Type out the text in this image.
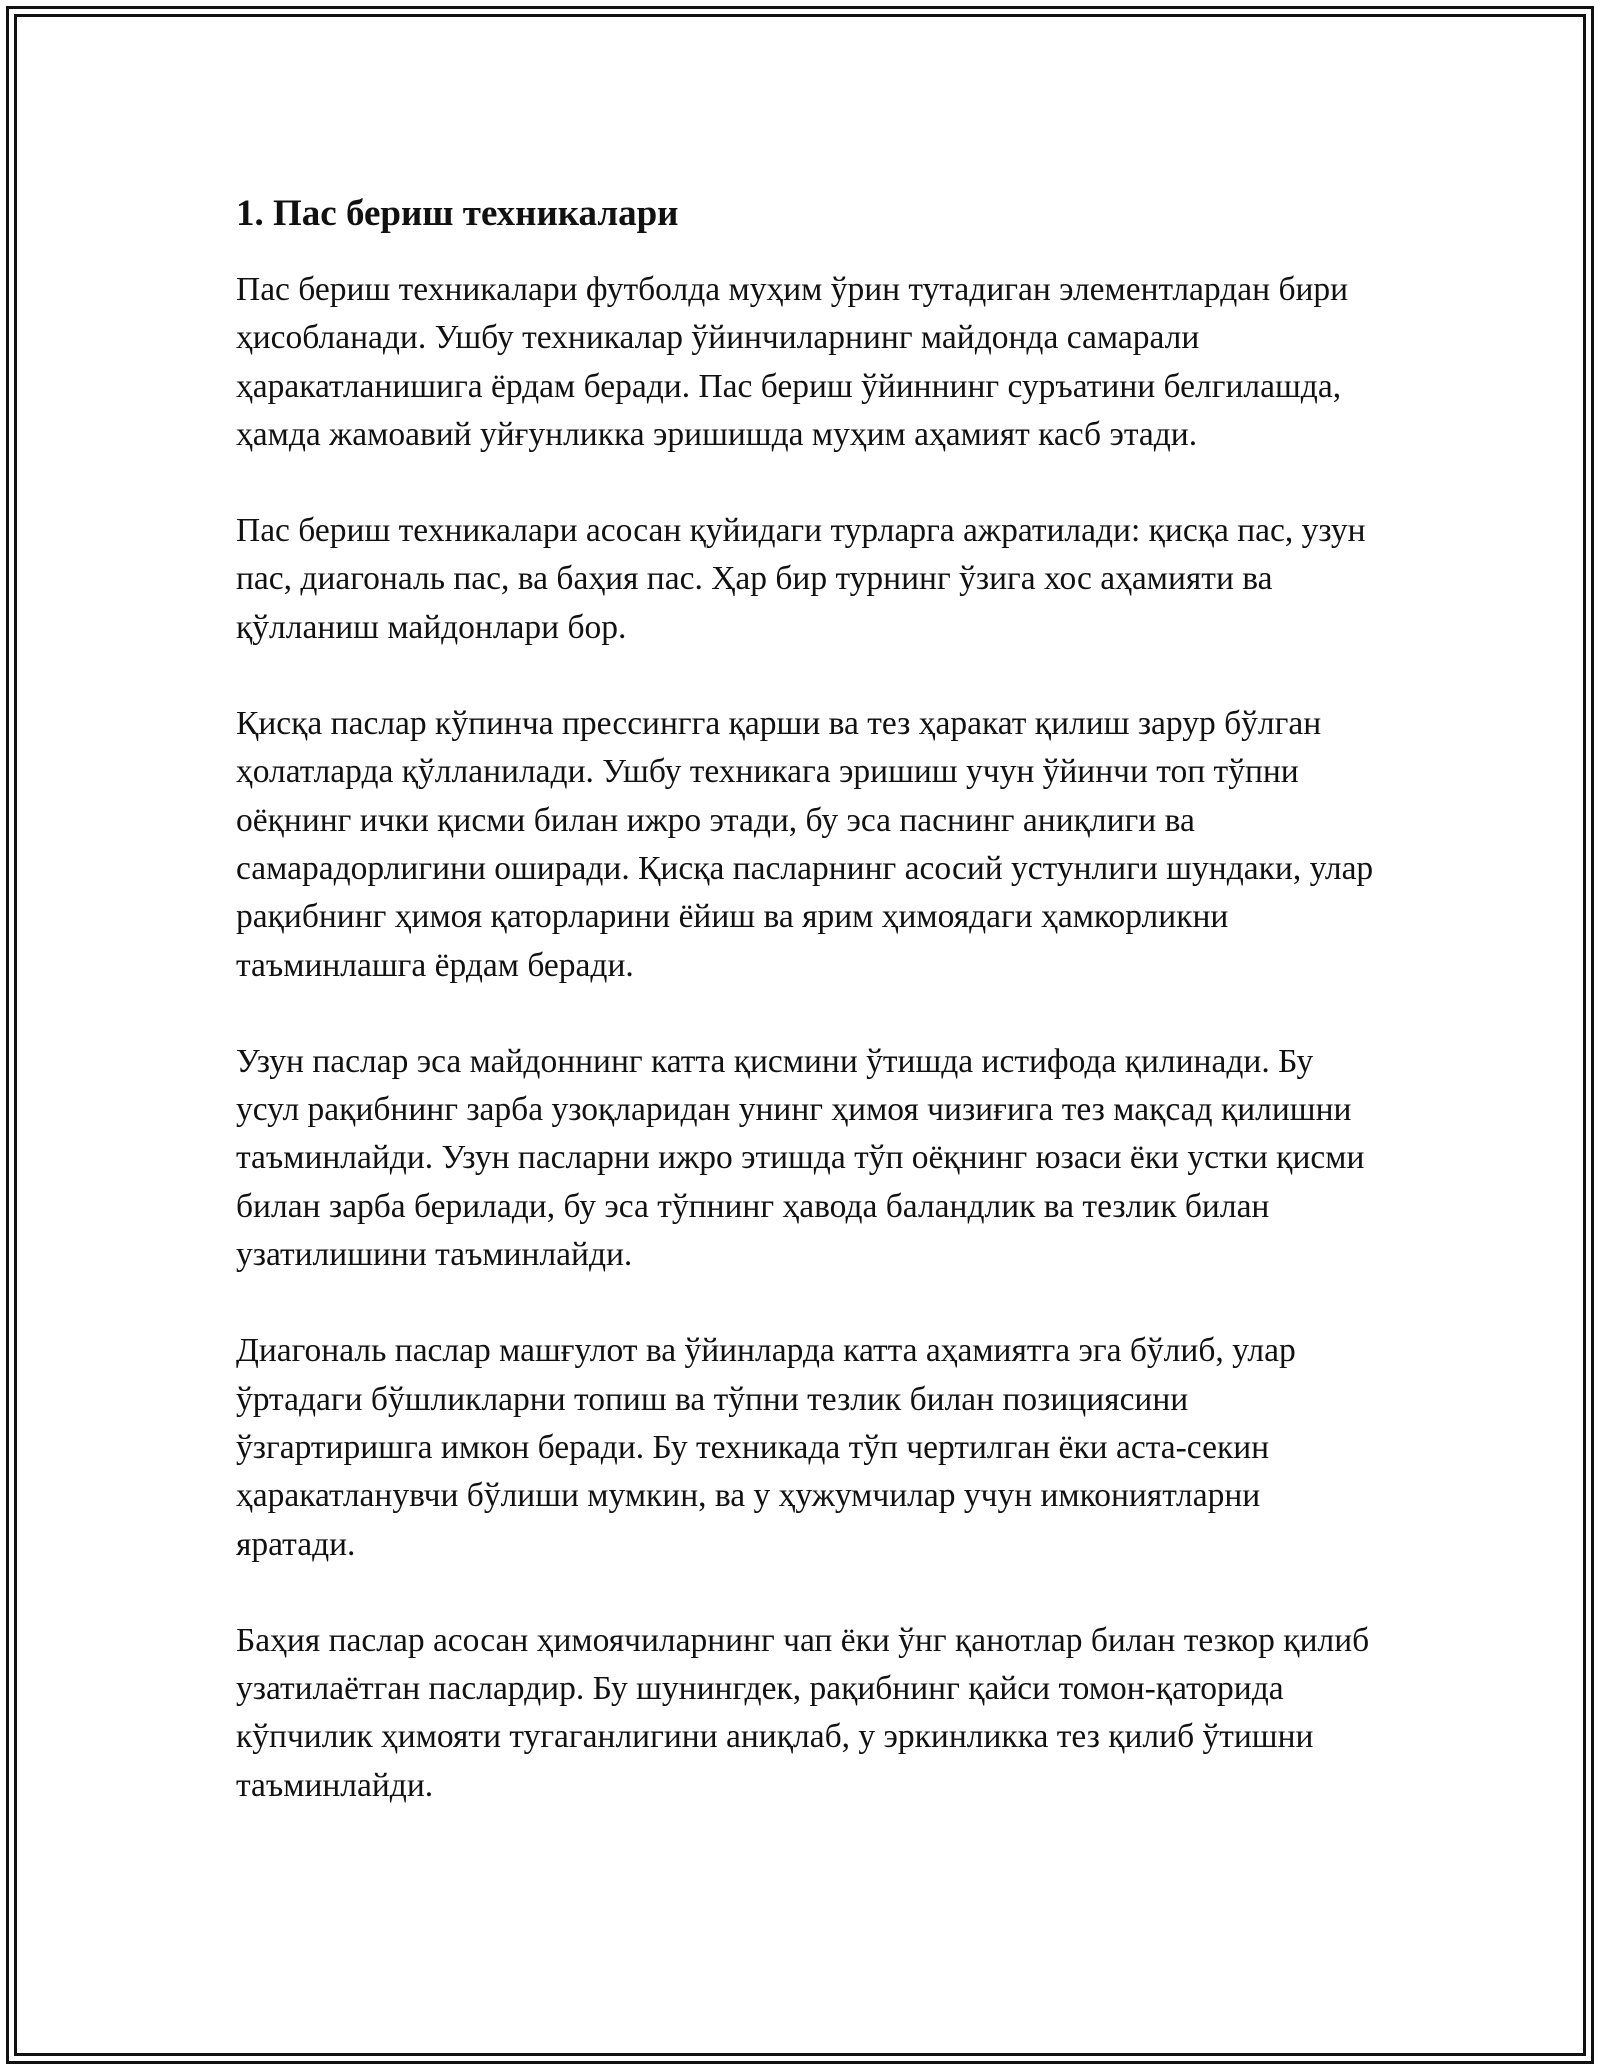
1. Пас бериш техникалари

Пас бериш техникалари футболда муҳим ўрин тутадиган элементлардан бири ҳисобланади. Ушбу техникалар ўйинчиларнинг майдонда самарали ҳаракатланишига ёрдам беради. Пас бериш ўйиннинг суръатини белгилашда, ҳамда жамоавий уйғунликка эришишда муҳим аҳамият касб этади.

Пас бериш техникалари асосан қуйидаги турларга ажратилади: қисқа пас, узун пас, диагональ пас, ва баҳия пас. Ҳар бир турнинг ўзига хос аҳамияти ва қўлланиш майдонлари бор.

Қисқа паслар кўпинча прессингга қарши ва тез ҳаракат қилиш зарур бўлган ҳолатларда қўлланилади. Ушбу техникага эришиш учун ўйинчи топ тўпни оёқнинг ички қисми билан ижро этади, бу эса паснинг аниқлиги ва самарадорлигини оширади. Қисқа пасларнинг асосий устунлиги шундаки, улар рақибнинг ҳимоя қаторларини ёйиш ва ярим ҳимоядаги ҳамкорликни таъминлашга ёрдам беради.

Узун паслар эса майдоннинг катта қисмини ўтишда истифода қилинади. Бу усул рақибнинг зарба узоқларидан унинг ҳимоя чизиғига тез мақсад қилишни таъминлайди. Узун пасларни ижро этишда тўп оёқнинг юзаси ёки устки қисми билан зарба берилади, бу эса тўпнинг ҳавода баландлик ва тезлик билан узатилишини таъминлайди.

Диагональ паслар машғулот ва ўйинларда катта аҳамиятга эга бўлиб, улар ўртадаги бўшликларни топиш ва тўпни тезлик билан позициясини ўзгартиришга имкон беради. Бу техникада тўп чертилган ёки аста-секин ҳаракатланувчи бўлиши мумкин, ва у ҳужумчилар учун имкониятларни яратади.

Баҳия паслар асосан ҳимоячиларнинг чап ёки ўнг қанотлар билан тезкор қилиб узатилаётган паслардир. Бу шунингдек, рақибнинг қайси томон-қаторида кўпчилик ҳимояти тугаганлигини аниқлаб, у эркинликка тез қилиб ўтишни таъминлайди.
